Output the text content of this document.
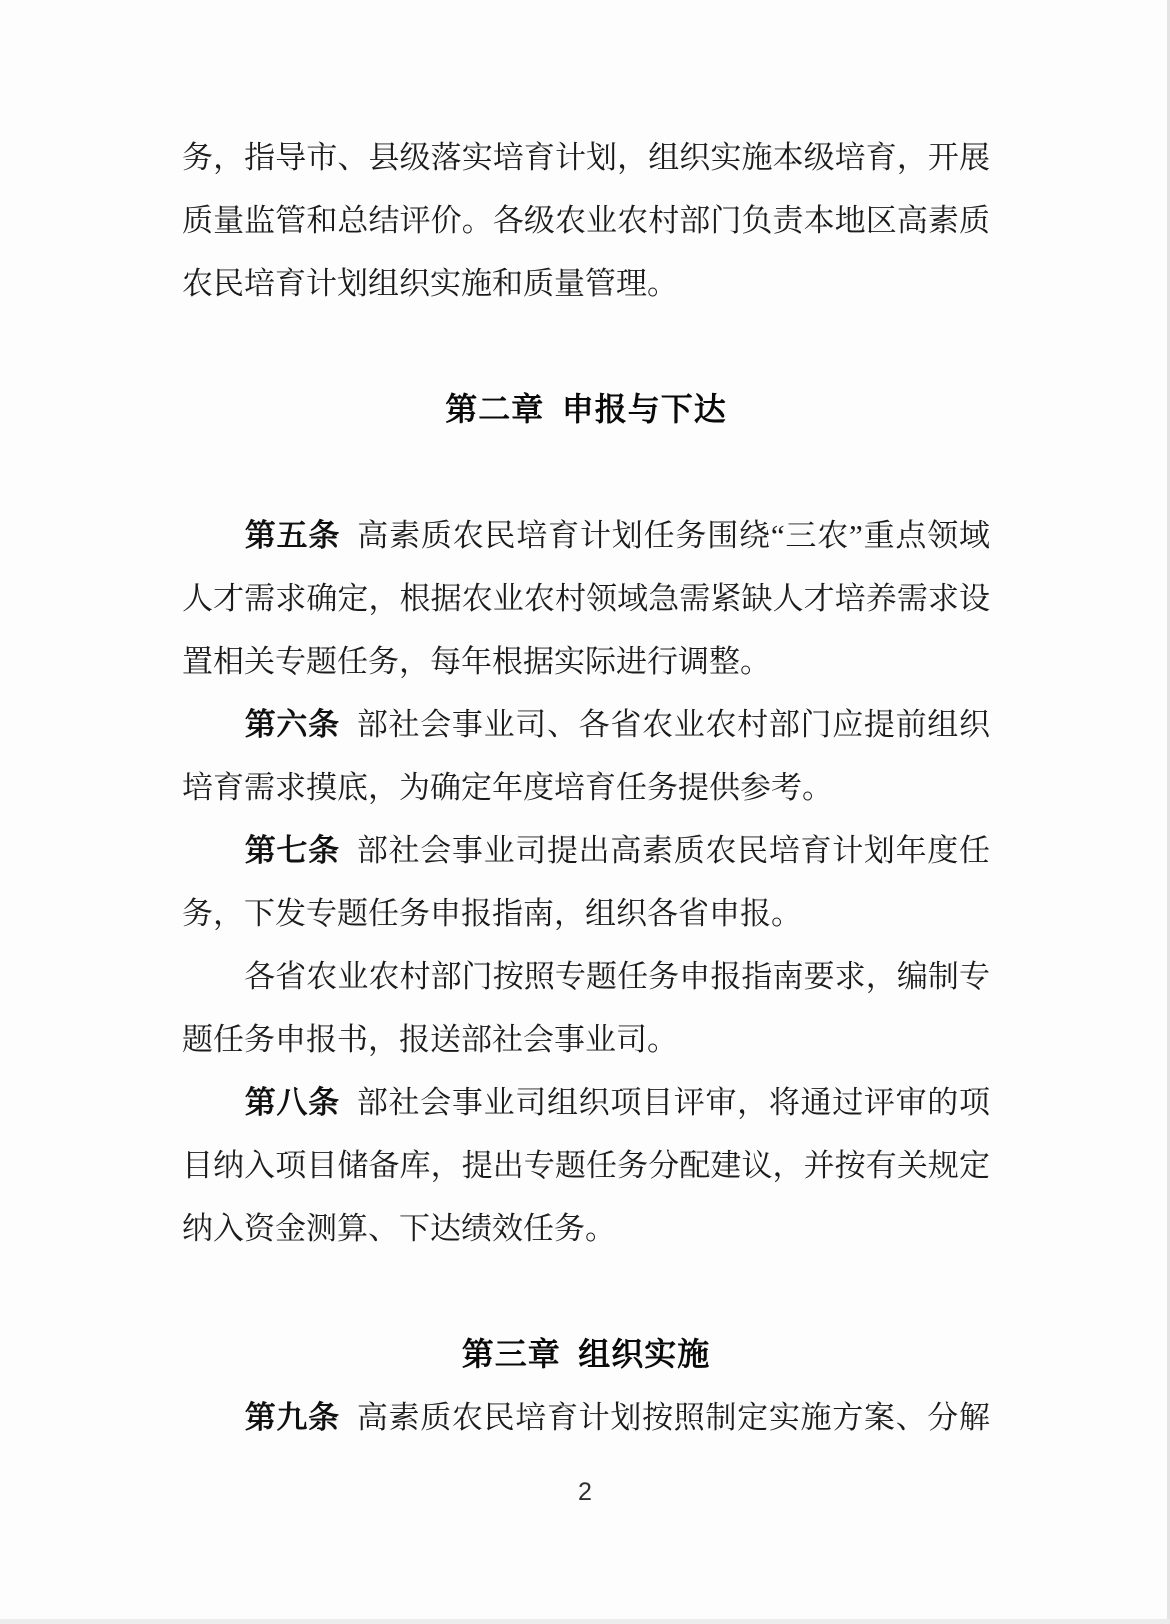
务，指导市、县级落实培育计划，组织实施本级培育，开展
质量监管和总结评价。各级农业农村部门负责本地区高素质
农民培育计划组织实施和质量管理。

第二章 申报与下达

第五条 高素质农民培育计划任务围绕“三农”重点领域
人才需求确定，根据农业农村领域急需紧缺人才培养需求设
置相关专题任务，每年根据实际进行调整。

第六条 部社会事业司、各省农业农村部门应提前组织
培育需求摸底，为确定年度培育任务提供参考。

第七条 部社会事业司提出高素质农民培育计划年度任
务，下发专题任务申报指南，组织各省申报。

各省农业农村部门按照专题任务申报指南要求，编制专
题任务申报书，报送部社会事业司。

第八条 部社会事业司组织项目评审，将通过评审的项
目纳入项目储备库，提出专题任务分配建议，并按有关规定
纳入资金测算、下达绩效任务。

第三章 组织实施

第九条 高素质农民培育计划按照制定实施方案、分解

2
